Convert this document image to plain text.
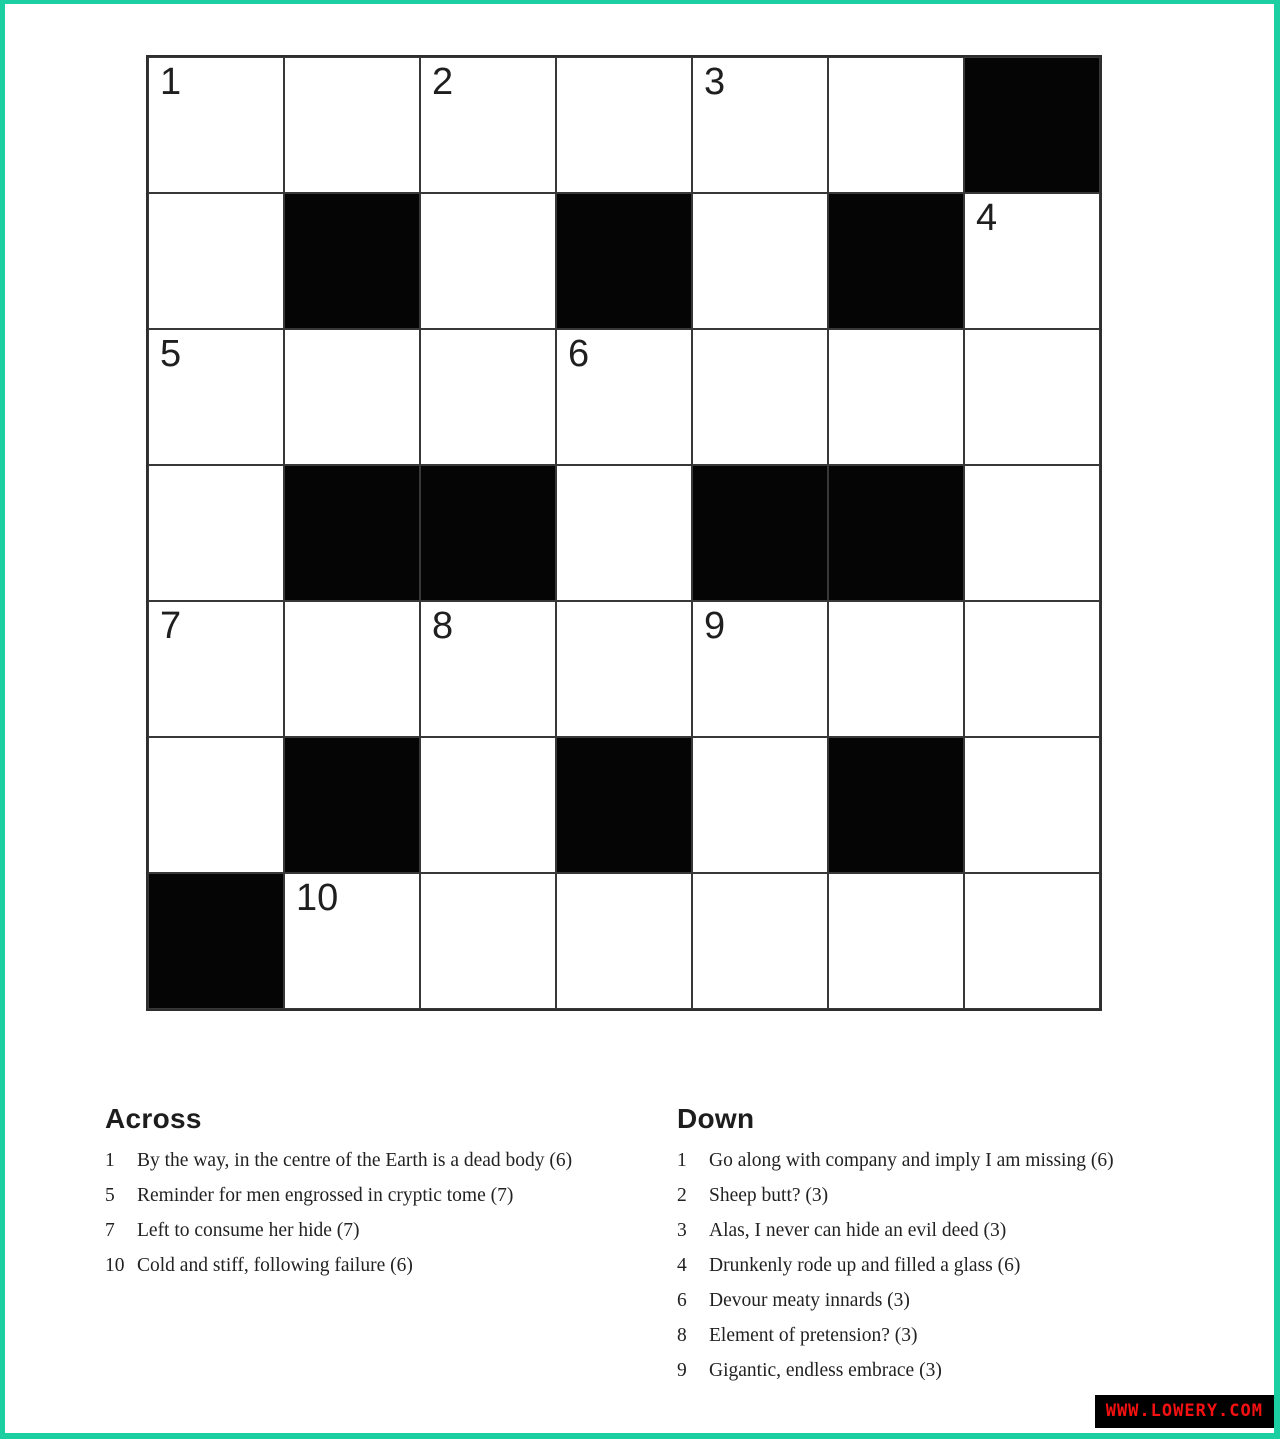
1	2	3
4
5	6
7	8	9
10
Across
1	By the way, in the centre of the Earth is a dead body (6)
5	Reminder for men engrossed in cryptic tome (7)
7	Left to consume her hide (7)
10 Cold and stiff, following failure (6)
Down
1	Go along with company and imply I am missing (6)
2	Sheep butt? (3)
3	Alas, I never can hide an evil deed (3)
4	Drunkenly rode up and filled a glass (6)
6	Devour meaty innards (3)
8	Element of pretension? (3)
9	Gigantic, endless embrace (3)
WWW.LOWERY.COM
